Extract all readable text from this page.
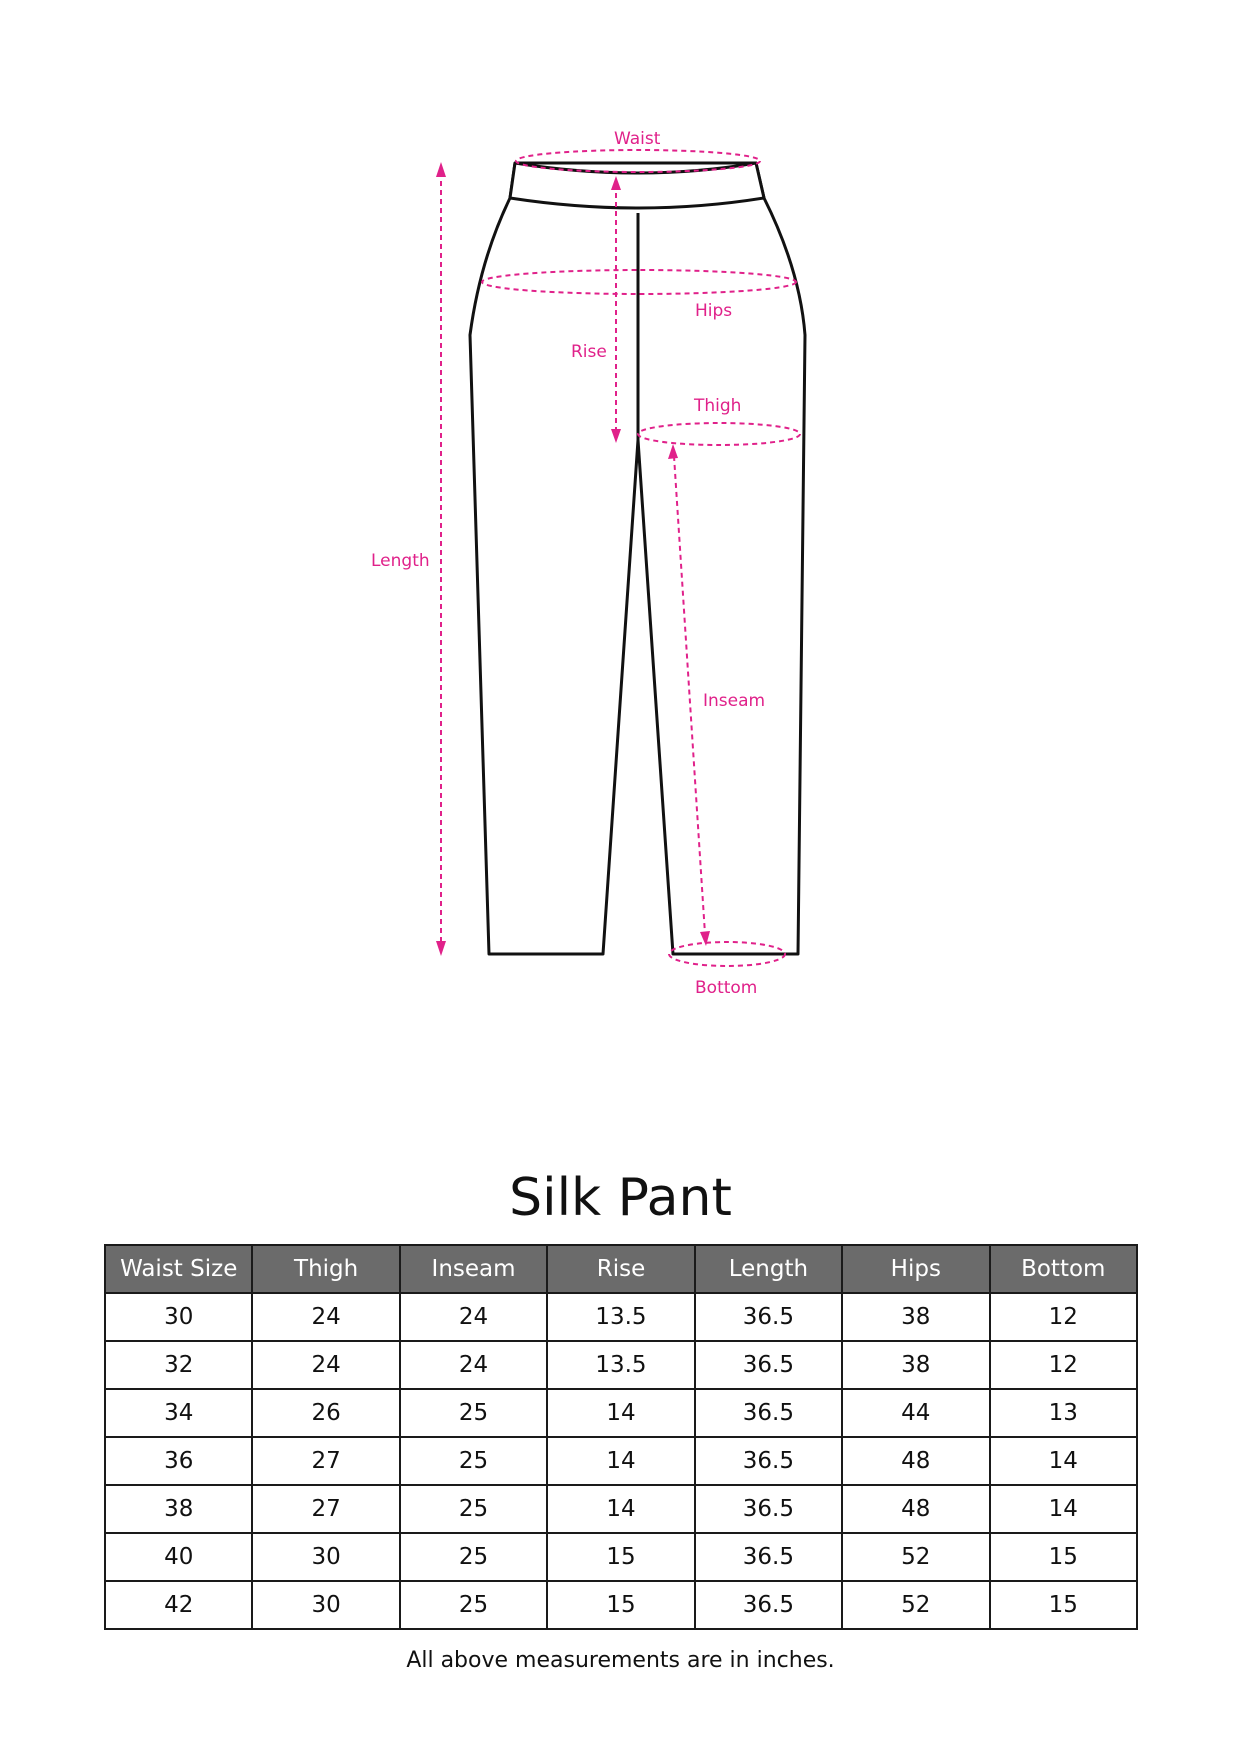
Waist
Hips
Rise
Thigh
Length
Inseam
Bottom
Silk Pant
Waist Size	Thigh	Inseam	Rise	Length	Hips	Bottom
30	24	24	13.5	36.5	38	12
32	24	24	13.5	36.5	38	12
34	26	25	14	36.5	44	13
36	27	25	14	36.5	48	14
38	27	25	14	36.5	48	14
40	30	25	15	36.5	52	15
42	30	25	15	36.5	52	15
All above measurements are in inches.
